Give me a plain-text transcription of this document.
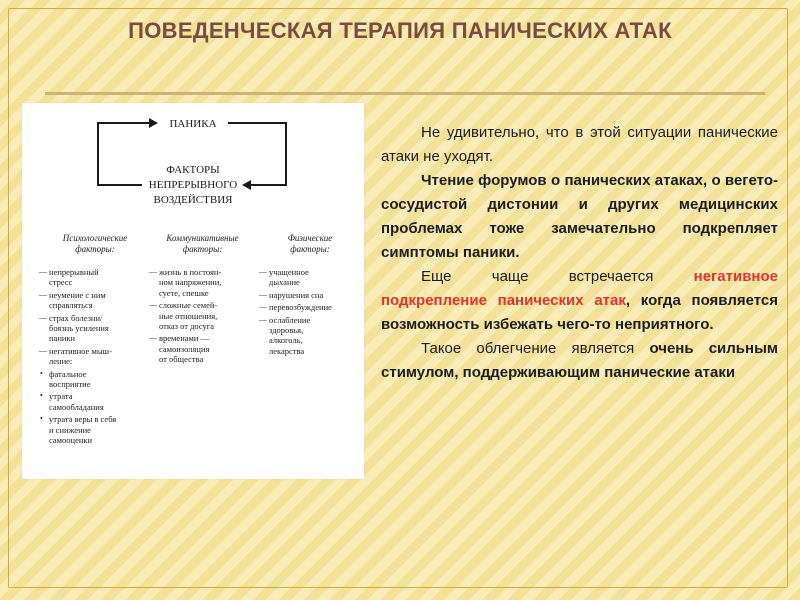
ПОВЕДЕНЧЕСКАЯ ТЕРАПИЯ ПАНИЧЕСКИХ АТАК
ПАНИКА
ФАКТОРЫ
НЕПРЕРЫВНОГО
ВОЗДЕЙСТВИЯ
Психологические
факторы:
— непрерывный
стресс
— неумение с ним
справляться
— страх болезни/
боязнь усиления
паники
— негативное мыш-
ление:
• фатальное
восприятие
• утрата
самообладания
• утрата веры в себя
и снижение
самооценки
Коммуникативные
факторы:
— жизнь в постоян-
ном напряжении,
суете, спешке
— сложные семей-
ные отношения,
отказ от досуга
— временами —
самоизоляция
от общества
Физические
факторы:
— учащенное
дыхание
— нарушения сна
— перевозбуждение
— ослабление
здоровья,
алкоголь,
лекарства

Не удивительно, что в этой ситуации панические атаки не уходят.

Чтение форумов о панических атаках, о вегето-сосудистой дистонии и других медицинских проблемах тоже замечательно подкрепляет симптомы паники.

Еще чаще встречается негативное подкрепление панических атак, когда появляется возможность избежать чего-то неприятного.

Такое облегчение является очень сильным стимулом, поддерживающим панические атаки
